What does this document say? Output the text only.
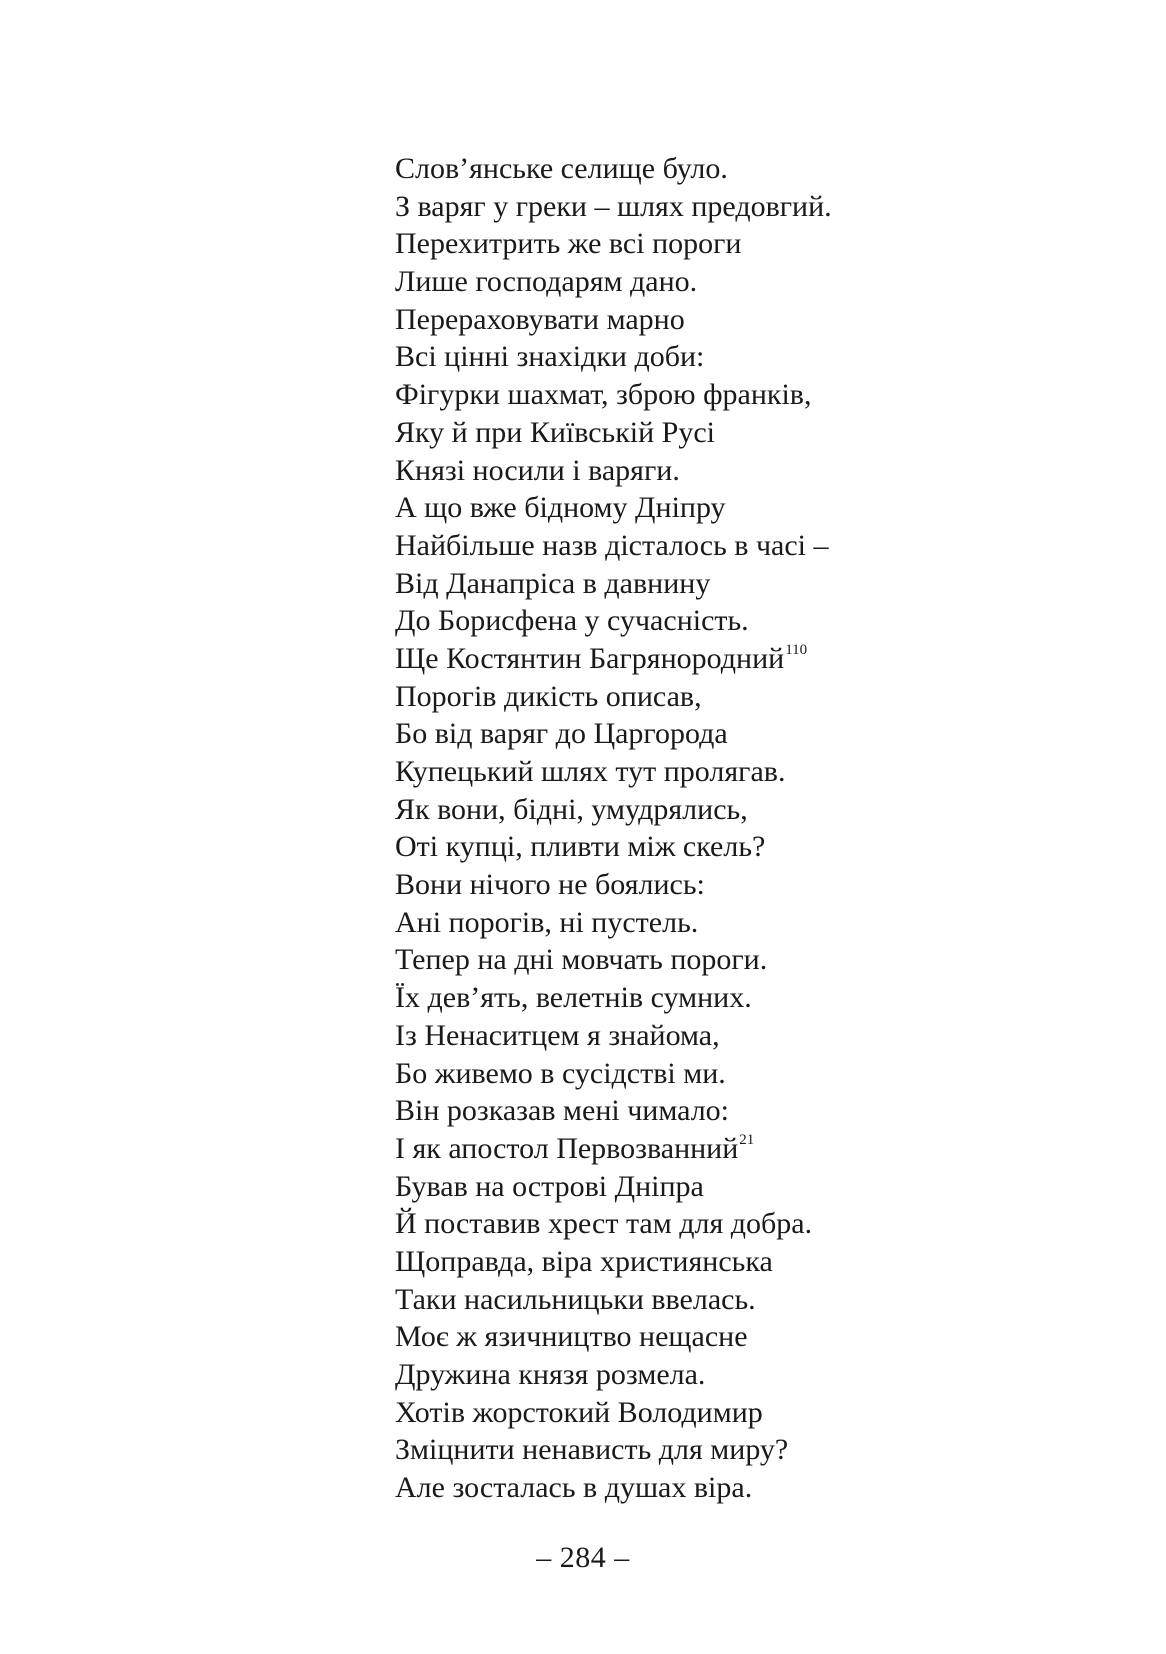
Слов’янське селище було.
З варяг у греки – шлях предовгий.
Перехитрить же всі пороги
Лише господарям дано.
Перераховувати марно
Всі цінні знахідки доби:
Фігурки шахмат, зброю франків,
Яку й при Київській Русі
Князі носили і варяги.
А що вже бідному Дніпру
Найбільше назв дісталось в часі –
Від Данапріса в давнину
До Борисфена у сучасність.
Ще Костянтин Багрянородний$^{110}$
Порогів дикість описав,
Бо від варяг до Царгорода
Купецький шлях тут пролягав.
Як вони, бідні, умудрялись,
Оті купці, пливти між скель?
Вони нічого не боялись:
Ані порогів, ні пустель.
Тепер на дні мовчать пороги.
Їх дев’ять, велетнів сумних.
Із Ненаситцем я знайома,
Бо живемо в сусідстві ми.
Він розказав мені чимало:
І як апостол Первозванний$^{21}$
Бував на острові Дніпра
Й поставив хрест там для добра.
Щоправда, віра християнська
Таки насильницьки ввелась.
Моє ж язичництво нещасне
Дружина князя розмела.
Хотів жорстокий Володимир
Зміцнити ненависть для миру?
Але зосталась в душах віра.
– 284 –
